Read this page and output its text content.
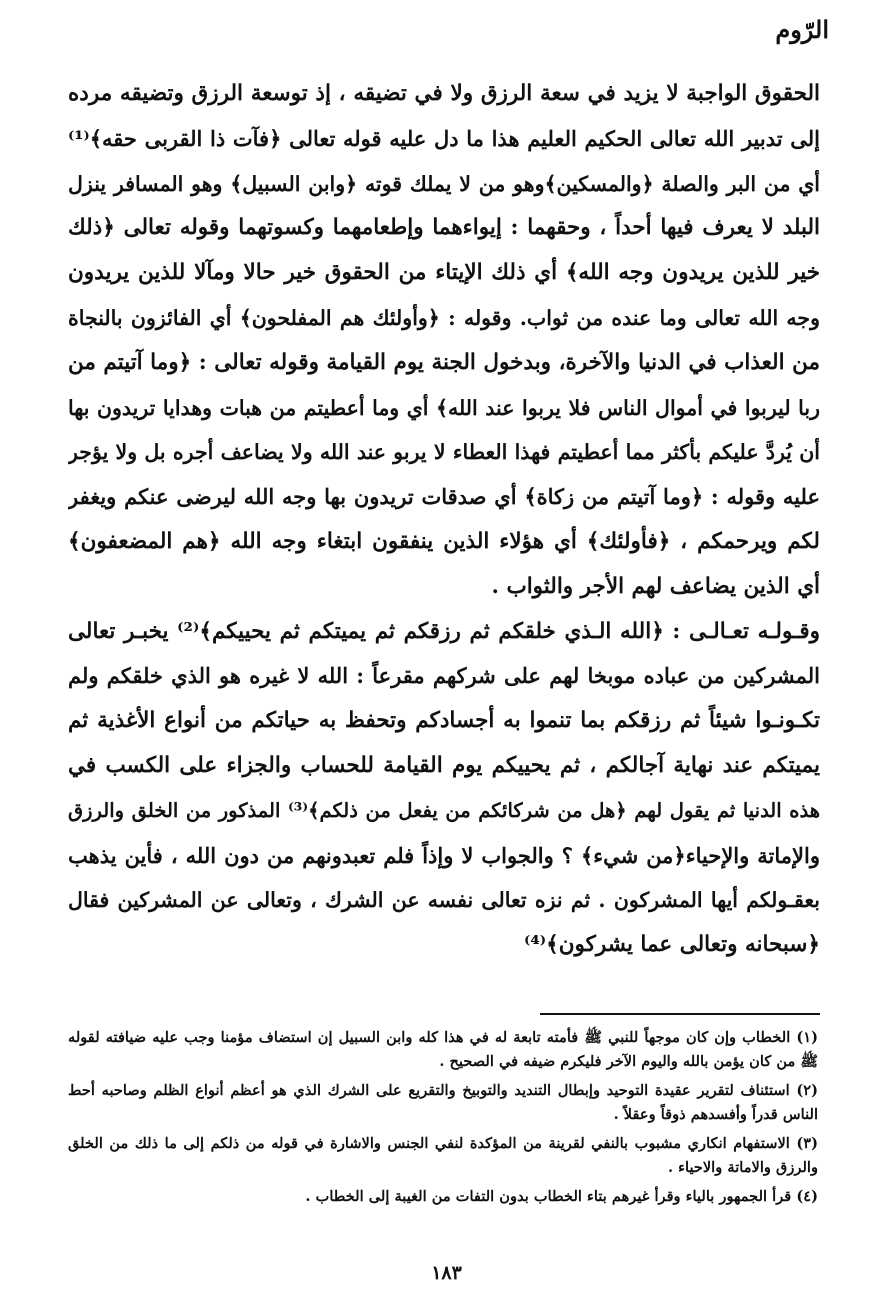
الرّوم
الحقوق الواجبة لا يزيد في سعة الرزق ولا في تضيقه ، إذ توسعة الرزق وتضيقه مرده
إلى تدبير الله تعالى الحكيم العليم هذا ما دل عليه قوله تعالى ﴿فآت ذا القربى حقه﴾⁽¹⁾
أي من البر والصلة ﴿والمسكين﴾وهو من لا يملك قوته ﴿وابن السبيل﴾ وهو المسافر ينزل
البلد لا يعرف فيها أحداً ، وحقهما : إيواءهما وإطعامهما وكسوتهما وقوله تعالى ﴿ذلك
خير للذين يريدون وجه الله﴾ أي ذلك الإيتاء من الحقوق خير حالا ومآلا للذين يريدون
وجه الله تعالى وما عنده من ثواب. وقوله : ﴿وأولئك هم المفلحون﴾ أي الفائزون بالنجاة
من العذاب في الدنيا والآخرة، وبدخول الجنة يوم القيامة وقوله تعالى : ﴿وما آتيتم من
ربا ليربوا في أموال الناس فلا يربوا عند الله﴾ أي وما أعطيتم من هبات وهدايا تريدون بها
أن يُردَّ عليكم بأكثر مما أعطيتم فهذا العطاء لا يربو عند الله ولا يضاعف أجره بل ولا يؤجر
عليه وقوله : ﴿وما آتيتم من زكاة﴾ أي صدقات تريدون بها وجه الله ليرضى عنكم ويغفر
لكم ويرحمكم ، ﴿فأولئك﴾ أي هؤلاء الذين ينفقون ابتغاء وجه الله ﴿هم المضعفون﴾
أي الذين يضاعف لهم الأجر والثواب .
وقـولـه تعـالـى : ﴿الله الـذي خلقكم ثم رزقكم ثم يميتكم ثم يحييكم﴾⁽²⁾ يخبـر تعالى
المشركين من عباده موبخا لهم على شركهم مقرعاً : الله لا غيره هو الذي خلقكم ولم
تكـونـوا شيئاً ثم رزقكم بما تنموا به أجسادكم وتحفظ به حياتكم من أنواع الأغذية ثم
يميتكم عند نهاية آجالكم ، ثم يحييكم يوم القيامة للحساب والجزاء على الكسب في
هذه الدنيا ثم يقول لهم ﴿هل من شركائكم من يفعل من ذلكم﴾⁽³⁾ المذكور من الخلق والرزق
والإماتة والإحياء﴿من شيء﴾ ؟ والجواب لا وإذاً فلم تعبدونهم من دون الله ، فأين يذهب
بعقـولكم أيها المشركون . ثم نزه تعالى نفسه عن الشرك ، وتعالى عن المشركين فقال
﴿سبحانه وتعالى عما يشركون﴾⁽⁴⁾
(١) الخطاب وإن كان موجهاً للنبي ﷺ فأمته تابعة له في هذا كله وابن السبيل إن استضاف مؤمنا وجب عليه ضيافته لقوله
ﷺ من كان يؤمن بالله واليوم الآخر فليكرم ضيفه في الصحيح .
(٢) استئناف لتقرير عقيدة التوحيد وإبطال التنديد والتوبيخ والتقريع على الشرك الذي هو أعظم أنواع الظلم وصاحبه أحط
الناس قدراً وأفسدهم ذوقاً وعقلاً .
(٣) الاستفهام انكاري مشبوب بالنفي لقرينة من المؤكدة لنفي الجنس والاشارة في قوله من ذلكم إلى ما ذلك من الخلق
والرزق والاماتة والاحياء .
(٤) قرأ الجمهور بالياء وقرأ غيرهم بتاء الخطاب بدون التفات من الغيبة إلى الخطاب .
١٨٣
